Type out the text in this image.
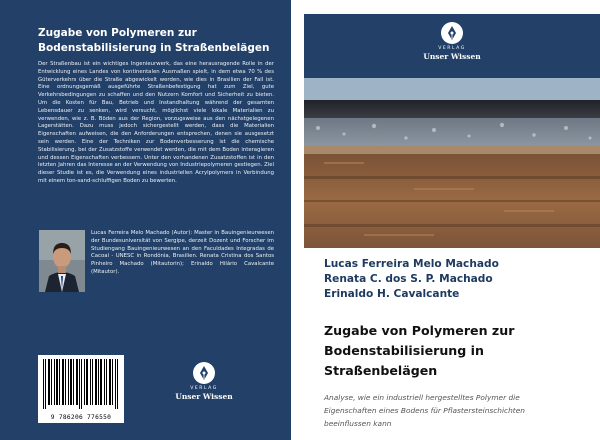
Zugabe von Polymeren zur
Bodenstabilisierung in Straßenbelägen
Der Straßenbau ist ein wichtiges Ingenieurwerk, das eine herausragende Rolle in der Entwicklung eines Landes von kontinentalen Ausmaßen spielt, in dem etwa 70 % des Güterverkehrs über die Straße abgewickelt werden, wie dies in Brasilien der Fall ist. Eine ordnungsgemäß ausgeführte Straßenbefestigung hat zum Ziel, gute Verkehrsbedingungen zu schaffen und den Nutzern Komfort und Sicherheit zu bieten. Um die Kosten für Bau, Betrieb und Instandhaltung während der gesamten Lebensdauer zu senken, wird versucht, möglichst viele lokale Materialien zu verwenden, wie z. B. Böden aus der Region, vorzugsweise aus den nächstgelegenen Lagerstätten. Dazu muss jedoch sichergestellt werden, dass die Materialien Eigenschaften aufweisen, die den Anforderungen entsprechen, denen sie ausgesetzt sein werden. Eine der Techniken zur Bodenverbesserung ist die chemische Stabilisierung, bei der Zusatzstoffe verwendet werden, die mit dem Boden interagieren und dessen Eigenschaften verbessern. Unter den vorhandenen Zusatzstoffen ist in den letzten Jahren das Interesse an der Verwendung von Industriepolymeren gestiegen. Ziel dieser Studie ist es, die Verwendung eines industriellen Acrylpolymers in Verbindung mit einem ton-sand-schluffigen Boden zu bewerten.
Lucas Ferreira Melo Machado (Autor): Master in Bauingenieurwesen der Bundesuniversität von Sergipe, derzeit Dozent und Forscher im Studiengang Bauingenieurwesen an den Faculdades Integradas de Cacoal - UNESC in Rondônia, Brasilien. Renata Cristina dos Santos Pinheiro Machado (Mitautorin); Erinaldo Hilário Cavalcante (Mitautor).
9 786206 776550
VERLAG
Unser Wissen
VERLAG
Unser Wissen
Lucas Ferreira Melo Machado
Renata C. dos S. P. Machado
Erinaldo H. Cavalcante
Zugabe von Polymeren zur
Bodenstabilisierung in
Straßenbelägen
Analyse, wie ein industriell hergestelltes Polymer die
Eigenschaften eines Bodens für Pflastersteinschichten
beeinflussen kann
